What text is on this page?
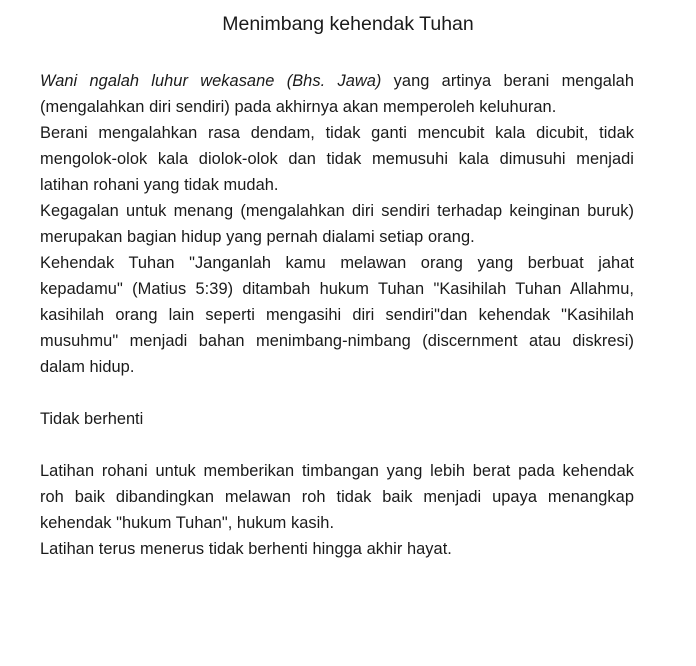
Menimbang kehendak Tuhan

Wani ngalah luhur wekasane (Bhs. Jawa) yang artinya berani mengalah (mengalahkan diri sendiri) pada akhirnya akan memperoleh keluhuran.

Berani mengalahkan rasa dendam, tidak ganti mencubit kala dicubit, tidak mengolok-olok kala diolok-olok dan tidak memusuhi kala dimusuhi menjadi latihan rohani yang tidak mudah.

Kegagalan untuk menang (mengalahkan diri sendiri terhadap keinginan buruk) merupakan bagian hidup yang pernah dialami setiap orang.

Kehendak Tuhan "Janganlah kamu melawan orang yang berbuat jahat kepadamu" (Matius 5:39) ditambah hukum Tuhan "Kasihilah Tuhan Allahmu, kasihilah orang lain seperti mengasihi diri sendiri"dan kehendak "Kasihilah musuhmu" menjadi bahan menimbang-nimbang (discernment atau diskresi) dalam hidup.

Tidak berhenti

Latihan rohani untuk memberikan timbangan yang lebih berat pada kehendak roh baik dibandingkan melawan roh tidak baik menjadi upaya menangkap kehendak "hukum Tuhan", hukum kasih.

Latihan terus menerus tidak berhenti hingga akhir hayat.
